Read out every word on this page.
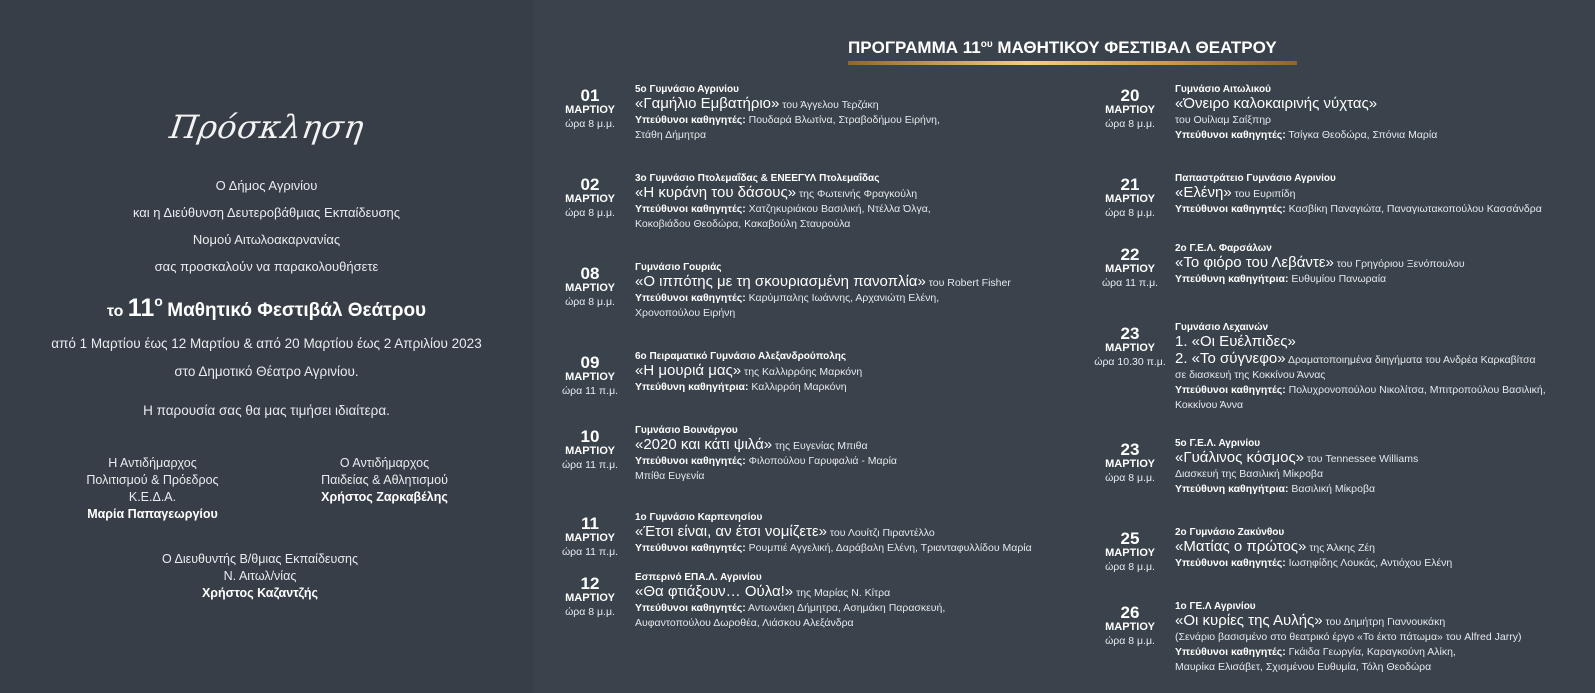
Πρόσκληση
Ο Δήμος Αγρινίου
και η Διεύθυνση Δευτεροβάθμιας Εκπαίδευσης
Νομού Αιτωλοακαρνανίας
σας προσκαλούν να παρακολουθήσετε
το $11^o$ Μαθητικό Φεστιβάλ Θεάτρου
από 1 Μαρτίου έως 12 Μαρτίου & από 20 Μαρτίου έως 2 Απριλίου 2023
στο Δημοτικό Θέατρο Αγρινίου.
Η παρουσία σας θα μας τιμήσει ιδιαίτερα.
Η Αντιδήμαρχος
Πολιτισμού & Πρόεδρος
Κ.Ε.Δ.Α.
Μαρία Παπαγεωργίου
Ο Αντιδήμαρχος
Παιδείας & Αθλητισμού
Χρήστος Ζαρκαβέλης
Ο Διευθυντής Β/θμιας Εκπαίδευσης
Ν. Αιτωλ/νίας
Χρήστος Καζαντζής
ΠΡΟΓΡΑΜΜΑ $11^{o\upsilon}$ ΜΑΘΗΤΙΚΟΥ ΦΕΣΤΙΒΑΛ ΘΕΑΤΡΟΥ
01
ΜΑΡΤΙΟΥ
ώρα 8 μ.μ.
5ο Γυμνάσιο Αγρινίου
«Γαμήλιο Εμβατήριο» του Άγγελου Τερζάκη
Υπεύθυνοι καθηγητές: Πουδαρά Βλωτίνα, Στραβοδήμου Ειρήνη,
Στάθη Δήμητρα
02
ΜΑΡΤΙΟΥ
ώρα 8 μ.μ.
3ο Γυμνάσιο Πτολεμαΐδας & ΕΝΕΕΓΥΛ Πτολεμαΐδας
«Η κυράνη του δάσους» της Φωτεινής Φραγκούλη
Υπεύθυνοι καθηγητές: Χατζηκυριάκου Βασιλική, Ντέλλα Όλγα,
Κοκοβιάδου Θεοδώρα, Κακαβούλη Σταυρούλα
08
ΜΑΡΤΙΟΥ
ώρα 8 μ.μ.
Γυμνάσιο Γουριάς
«Ο ιππότης με τη σκουριασμένη πανοπλία» του Robert Fisher
Υπεύθυνοι καθηγητές: Καρύμπαλης Ιωάννης, Αρχανιώτη Ελένη,
Χρονοπούλου Ειρήνη
09
ΜΑΡΤΙΟΥ
ώρα 11 π.μ.
6ο Πειραματικό Γυμνάσιο Αλεξανδρούπολης
«Η μουριά μας» της Καλλιρρόης Μαρκόνη
Υπεύθυνη καθηγήτρια: Καλλιρρόη Μαρκόνη
10
ΜΑΡΤΙΟΥ
ώρα 11 π.μ.
Γυμνάσιο Βουνάργου
«2020 και κάτι ψιλά» της Ευγενίας Μπιθα
Υπεύθυνοι καθηγητές: Φιλοπούλου Γαρυφαλιά - Μαρία
Μπίθα Ευγενία
11
ΜΑΡΤΙΟΥ
ώρα 11 π.μ.
1ο Γυμνάσιο Καρπενησίου
«Έτσι είναι, αν έτσι νομίζετε» του Λουίτζι Πιραντέλλο
Υπεύθυνοι καθηγητές: Ρουμπιέ Αγγελική, Δαράβαλη Ελένη, Τριανταφυλλίδου Μαρία
12
ΜΑΡΤΙΟΥ
ώρα 8 μ.μ.
Εσπερινό ΕΠΑ.Λ. Αγρινίου
«Θα φτιάξουν… Ούλα!» της Μαρίας Ν. Κίτρα
Υπεύθυνοι καθηγητές: Αντωνάκη Δήμητρα, Ασημάκη Παρασκευή,
Αυφαντοπούλου Δωροθέα, Λιάσκου Αλεξάνδρα
20
ΜΑΡΤΙΟΥ
ώρα 8 μ.μ.
Γυμνάσιο Αιτωλικού
«Όνειρο καλοκαιρινής νύχτας»
του Ουίλιαμ Σαίξπηρ
Υπεύθυνοι καθηγητές: Τσίγκα Θεοδώρα, Σπόνια Μαρία
21
ΜΑΡΤΙΟΥ
ώρα 8 μ.μ.
Παπαστράτειο Γυμνάσιο Αγρινίου
«Ελένη» του Ευριπίδη
Υπεύθυνοι καθηγητές: Κασβίκη Παναγιώτα, Παναγιωτακοπούλου Κασσάνδρα
22
ΜΑΡΤΙΟΥ
ώρα 11 π.μ.
2ο Γ.Ε.Λ. Φαρσάλων
«Το φιόρο του Λεβάντε» του Γρηγόριου Ξενόπουλου
Υπεύθυνη καθηγήτρια: Ευθυμίου Πανωραία
23
ΜΑΡΤΙΟΥ
ώρα 10.30 π.μ.
Γυμνάσιο Λεχαινών
1. «Οι Ευέλπιδες»
2. «Το σύγνεφο» Δραματοποιημένα διηγήματα του Ανδρέα Καρκαβίτσα
σε διασκευή της Κοκκίνου Άννας
Υπεύθυνοι καθηγητές: Πολυχρονοπούλου Νικολίτσα, Μπιτροπούλου Βασιλική,
Κοκκίνου Άννα
23
ΜΑΡΤΙΟΥ
ώρα 8 μ.μ.
5ο Γ.Ε.Λ. Αγρινίου
«Γυάλινος κόσμος» του Tennessee Williams
Διασκευή της Βασιλική Μίκροβα
Υπεύθυνη καθηγήτρια: Βασιλική Μίκροβα
25
ΜΑΡΤΙΟΥ
ώρα 8 μ.μ.
2ο Γυμνάσιο Ζακύνθου
«Ματίας ο πρώτος» της Άλκης Ζέη
Υπεύθυνοι καθηγητές: Ιωσηφίδης Λουκάς, Αντιόχου Ελένη
26
ΜΑΡΤΙΟΥ
ώρα 8 μ.μ.
1ο ΓΕ.Λ Αγρινίου
«Οι κυρίες της Αυλής» του Δημήτρη Γιαννουκάκη
(Σενάριο βασισμένο στο θεατρικό έργο «Το έκτο πάτωμα» του Alfred Jarry)
Υπεύθυνοι καθηγητές: Γκάιδα Γεωργία, Καραγκούνη Αλίκη,
Μαυρίκα Ελισάβετ, Σχισμένου Ευθυμία, Τόλη Θεοδώρα
